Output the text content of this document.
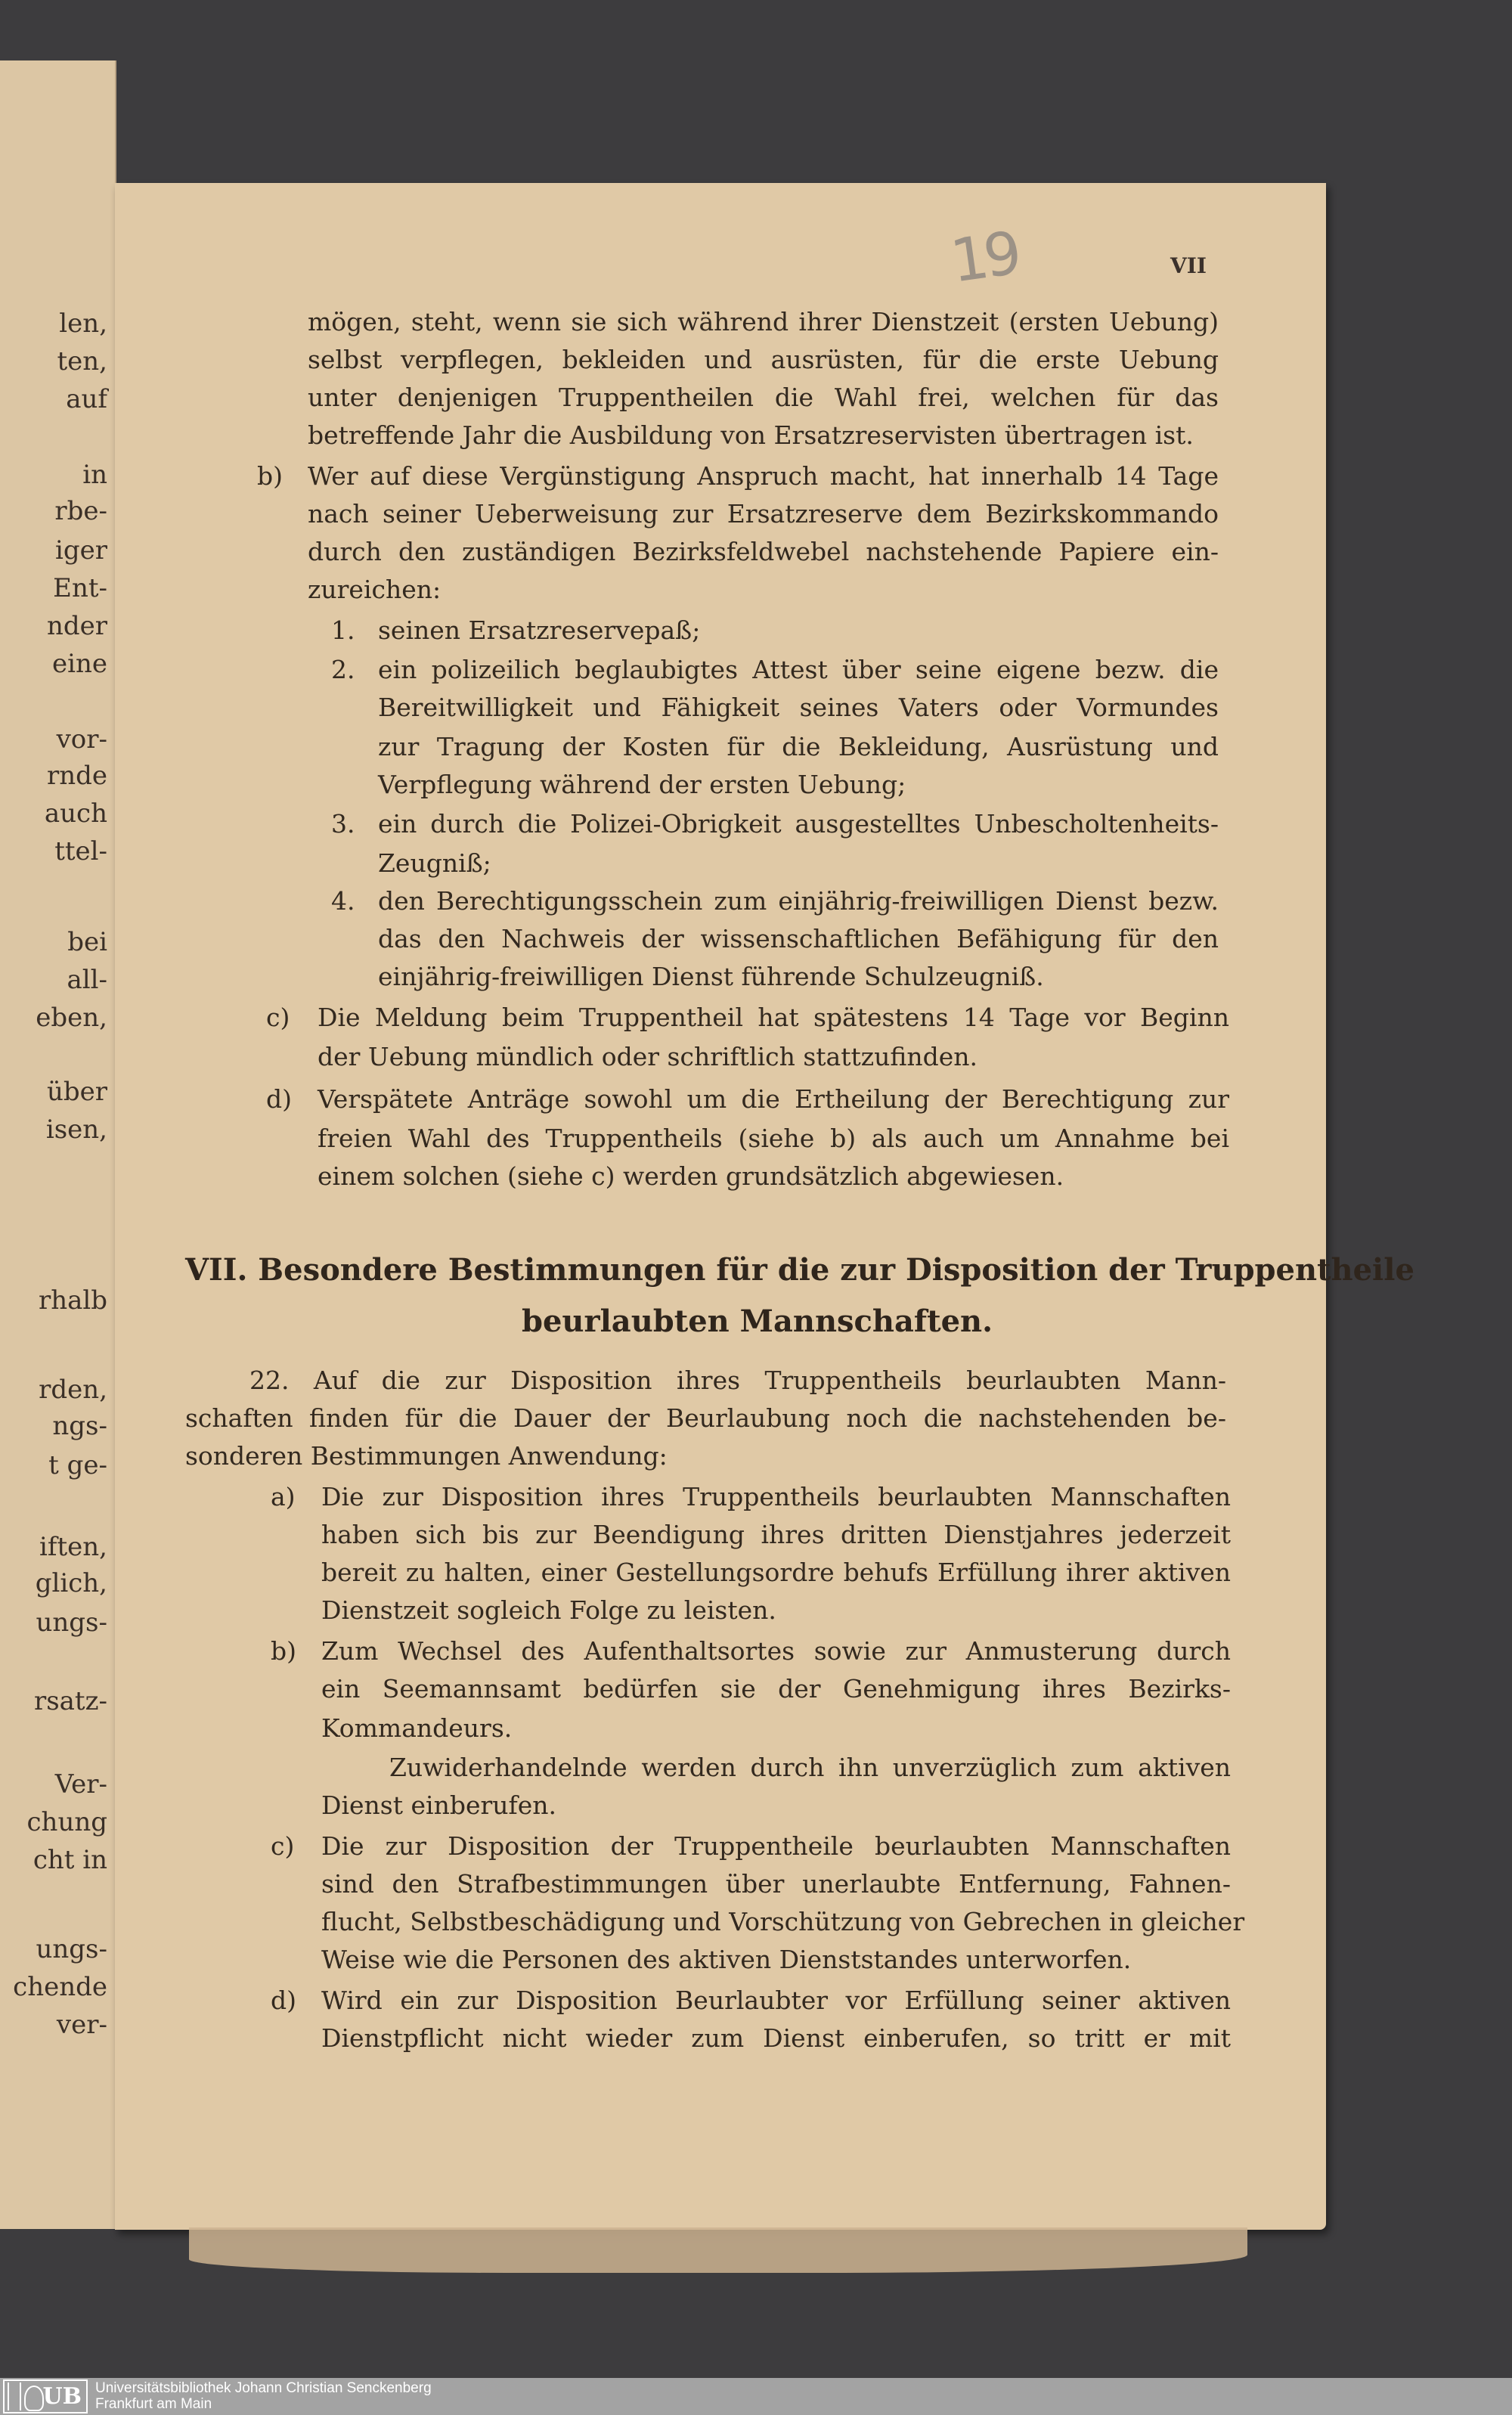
len,
ten,
auf
in
rbe-
iger
Ent-
nder
eine
vor-
rnde
auch
ttel-
bei
all-
eben,
über
isen,
rhalb
rden,
ngs-
t ge-
iften,
glich,
ungs-
rsatz-
Ver-
chung
cht in
ungs-
chende
ver-
19	VII
mögen, steht, wenn sie sich während ihrer Dienstzeit (ersten Uebung)
selbst verpflegen, bekleiden und ausrüsten, für die erste Uebung
unter denjenigen Truppentheilen die Wahl frei, welchen für das
betreffende Jahr die Ausbildung von Ersatzreservisten übertragen ist.
b) Wer auf diese Vergünstigung Anspruch macht, hat innerhalb 14 Tage
nach seiner Ueberweisung zur Ersatzreserve dem Bezirkskommando
durch den zuständigen Bezirksfeldwebel nachstehende Papiere ein-
zureichen:
1. seinen Ersatzreservepaß;
2. ein polizeilich beglaubigtes Attest über seine eigene bezw. die
Bereitwilligkeit und Fähigkeit seines Vaters oder Vormundes
zur Tragung der Kosten für die Bekleidung, Ausrüstung und
Verpflegung während der ersten Uebung;
3. ein durch die Polizei-Obrigkeit ausgestelltes Unbescholtenheits-
Zeugniß;
4. den Berechtigungsschein zum einjährig-freiwilligen Dienst bezw.
das den Nachweis der wissenschaftlichen Befähigung für den
einjährig-freiwilligen Dienst führende Schulzeugniß.
c) Die Meldung beim Truppentheil hat spätestens 14 Tage vor Beginn
der Uebung mündlich oder schriftlich stattzufinden.
d) Verspätete Anträge sowohl um die Ertheilung der Berechtigung zur
freien Wahl des Truppentheils (siehe b) als auch um Annahme bei
einem solchen (siehe c) werden grundsätzlich abgewiesen.
VII. Besondere Bestimmungen für die zur Disposition der Truppentheile
beurlaubten Mannschaften.
22. Auf die zur Disposition ihres Truppentheils beurlaubten Mann-
schaften finden für die Dauer der Beurlaubung noch die nachstehenden be-
sonderen Bestimmungen Anwendung:
a) Die zur Disposition ihres Truppentheils beurlaubten Mannschaften
haben sich bis zur Beendigung ihres dritten Dienstjahres jederzeit
bereit zu halten, einer Gestellungsordre behufs Erfüllung ihrer aktiven
Dienstzeit sogleich Folge zu leisten.
b) Zum Wechsel des Aufenthaltsortes sowie zur Anmusterung durch
ein Seemannsamt bedürfen sie der Genehmigung ihres Bezirks-
Kommandeurs.
Zuwiderhandelnde werden durch ihn unverzüglich zum aktiven
Dienst einberufen.
c) Die zur Disposition der Truppentheile beurlaubten Mannschaften
sind den Strafbestimmungen über unerlaubte Entfernung, Fahnen-
flucht, Selbstbeschädigung und Vorschützung von Gebrechen in gleicher
Weise wie die Personen des aktiven Dienststandes unterworfen.
d) Wird ein zur Disposition Beurlaubter vor Erfüllung seiner aktiven
Dienstpflicht nicht wieder zum Dienst einberufen, so tritt er mit
UB Universitätsbibliothek Johann Christian Senckenberg
Frankfurt am Main
